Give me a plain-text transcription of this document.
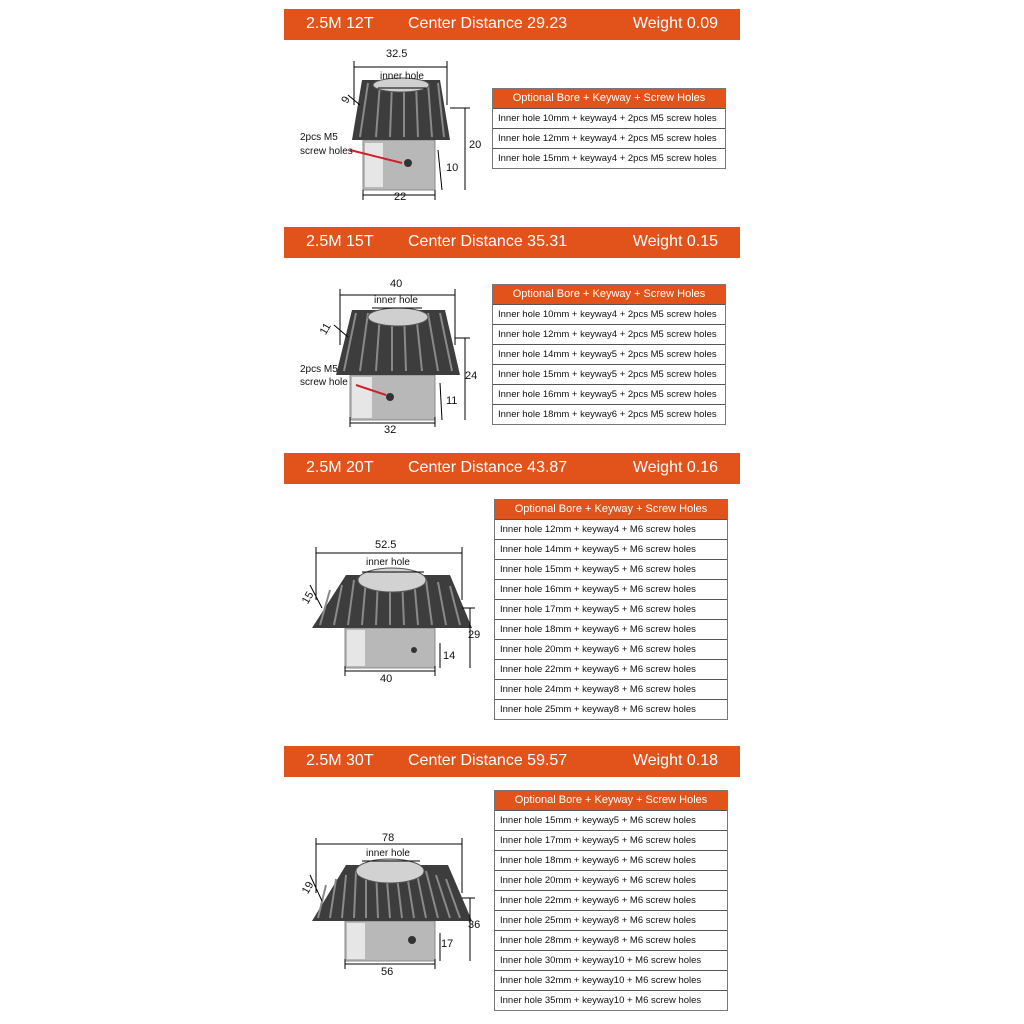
2.5M 12T Center Distance 29.23	Weight 0.09
32.5
inner hole
9
20
10
22
2pcs M5
screw holes
Optional Bore + Keyway + Screw Holes
Inner hole 10mm + keyway4 + 2pcs M5 screw holes
Inner hole 12mm + keyway4 + 2pcs M5 screw holes
Inner hole 15mm + keyway4 + 2pcs M5 screw holes
2.5M 15T Center Distance 35.31	Weight 0.15
40
inner hole
11
24
11
32
2pcs M5
screw hole
Optional Bore + Keyway + Screw Holes
Inner hole 10mm + keyway4 + 2pcs M5 screw holes
Inner hole 12mm + keyway4 + 2pcs M5 screw holes
Inner hole 14mm + keyway5 + 2pcs M5 screw holes
Inner hole 15mm + keyway5 + 2pcs M5 screw holes
Inner hole 16mm + keyway5 + 2pcs M5 screw holes
Inner hole 18mm + keyway6 + 2pcs M5 screw holes
2.5M 20T Center Distance 43.87	Weight 0.16
52.5
inner hole
15
29
14
40
Optional Bore + Keyway + Screw Holes
Inner hole 12mm + keyway4 + M6 screw holes
Inner hole 14mm + keyway5 + M6 screw holes
Inner hole 15mm + keyway5 + M6 screw holes
Inner hole 16mm + keyway5 + M6 screw holes
Inner hole 17mm + keyway5 + M6 screw holes
Inner hole 18mm + keyway6 + M6 screw holes
Inner hole 20mm + keyway6 + M6 screw holes
Inner hole 22mm + keyway6 + M6 screw holes
Inner hole 24mm + keyway8 + M6 screw holes
Inner hole 25mm + keyway8 + M6 screw holes
2.5M 30T Center Distance 59.57	Weight 0.18
78
inner hole
19
36
17
56
Optional Bore + Keyway + Screw Holes
Inner hole 15mm + keyway5 + M6 screw holes
Inner hole 17mm + keyway5 + M6 screw holes
Inner hole 18mm + keyway6 + M6 screw holes
Inner hole 20mm + keyway6 + M6 screw holes
Inner hole 22mm + keyway6 + M6 screw holes
Inner hole 25mm + keyway8 + M6 screw holes
Inner hole 28mm + keyway8 + M6 screw holes
Inner hole 30mm + keyway10 + M6 screw holes
Inner hole 32mm + keyway10 + M6 screw holes
Inner hole 35mm + keyway10 + M6 screw holes
